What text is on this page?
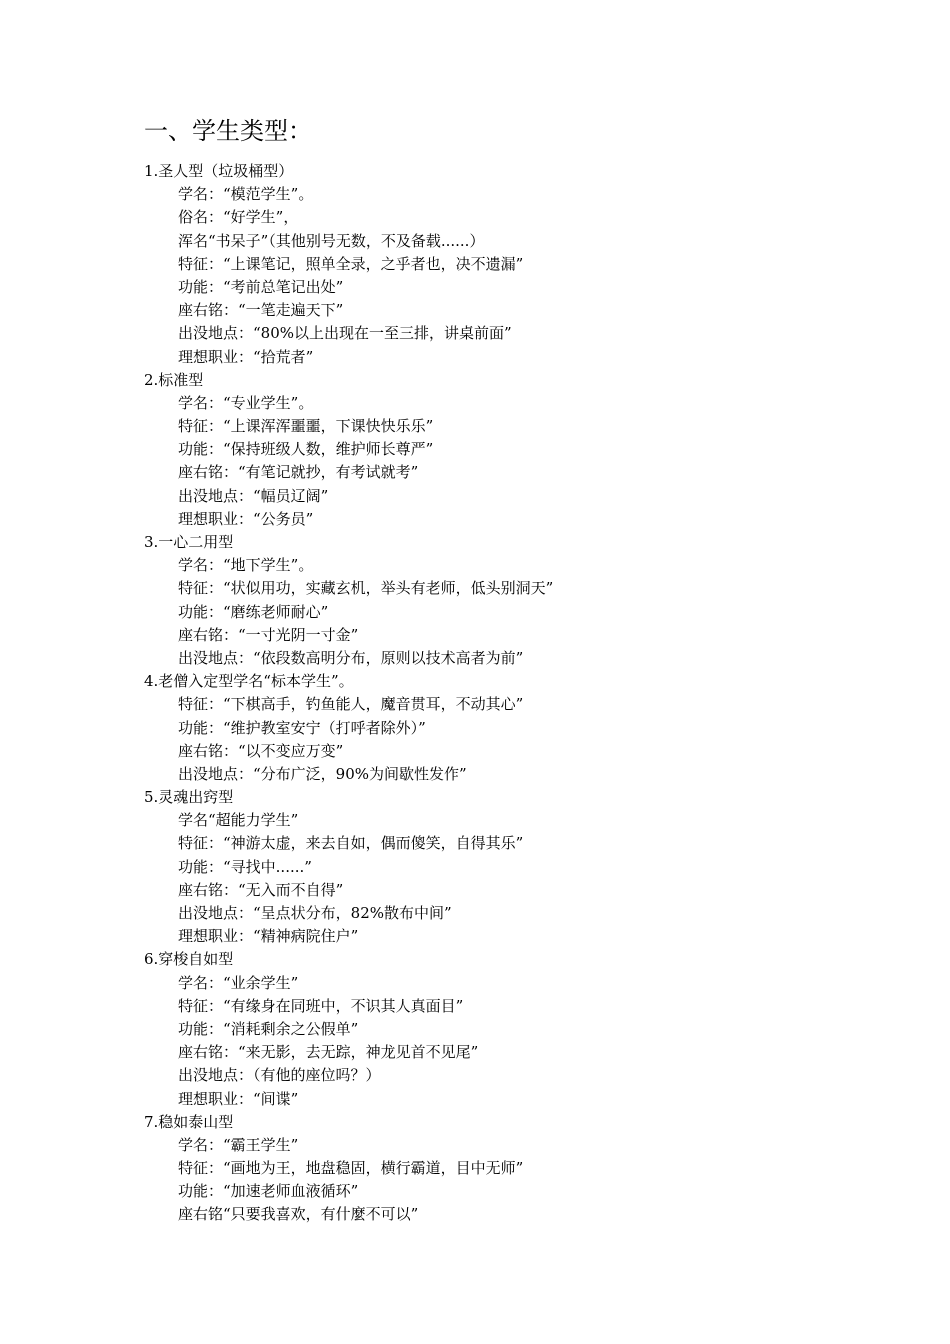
一、学生类型：
1.圣人型（垃圾桶型）
学名：“模范学生”。
俗名：“好学生”，
浑名“书呆子”（其他别号无数，不及备载......）
特征：“上课笔记，照单全录，之乎者也，决不遗漏”
功能：“考前总笔记出处”
座右铭：“一笔走遍天下”
出没地点：“80%以上出现在一至三排，讲桌前面”
理想职业：“拾荒者”
2.标准型
学名：“专业学生”。
特征：“上课浑浑噩噩，下课快快乐乐”
功能：“保持班级人数，维护师长尊严”
座右铭：“有笔记就抄，有考试就考”
出没地点：“幅员辽阔”
理想职业：“公务员”
3.一心二用型
学名：“地下学生”。
特征：“状似用功，实藏玄机，举头有老师，低头别洞天”
功能：“磨练老师耐心”
座右铭：“一寸光阴一寸金”
出没地点：“依段数高明分布，原则以技术高者为前”
4.老僧入定型学名“标本学生”。
特征：“下棋高手，钓鱼能人，魔音贯耳，不动其心”
功能：“维护教室安宁（打呼者除外）”
座右铭：“以不变应万变”
出没地点：“分布广泛，90%为间歇性发作”
5.灵魂出窍型
学名“超能力学生”
特征：“神游太虚，来去自如，偶而傻笑，自得其乐”
功能：“寻找中......”
座右铭：“无入而不自得”
出没地点：“呈点状分布，82%散布中间”
理想职业：“精神病院住户”
6.穿梭自如型
学名：“业余学生”
特征：“有缘身在同班中，不识其人真面目”
功能：“消耗剩余之公假单”
座右铭：“来无影，去无踪，神龙见首不见尾”
出没地点：（有他的座位吗？）
理想职业：“间谍”
7.稳如泰山型
学名：“霸王学生”
特征：“画地为王，地盘稳固，横行霸道，目中无师”
功能：“加速老师血液循环”
座右铭“只要我喜欢，有什麼不可以”
